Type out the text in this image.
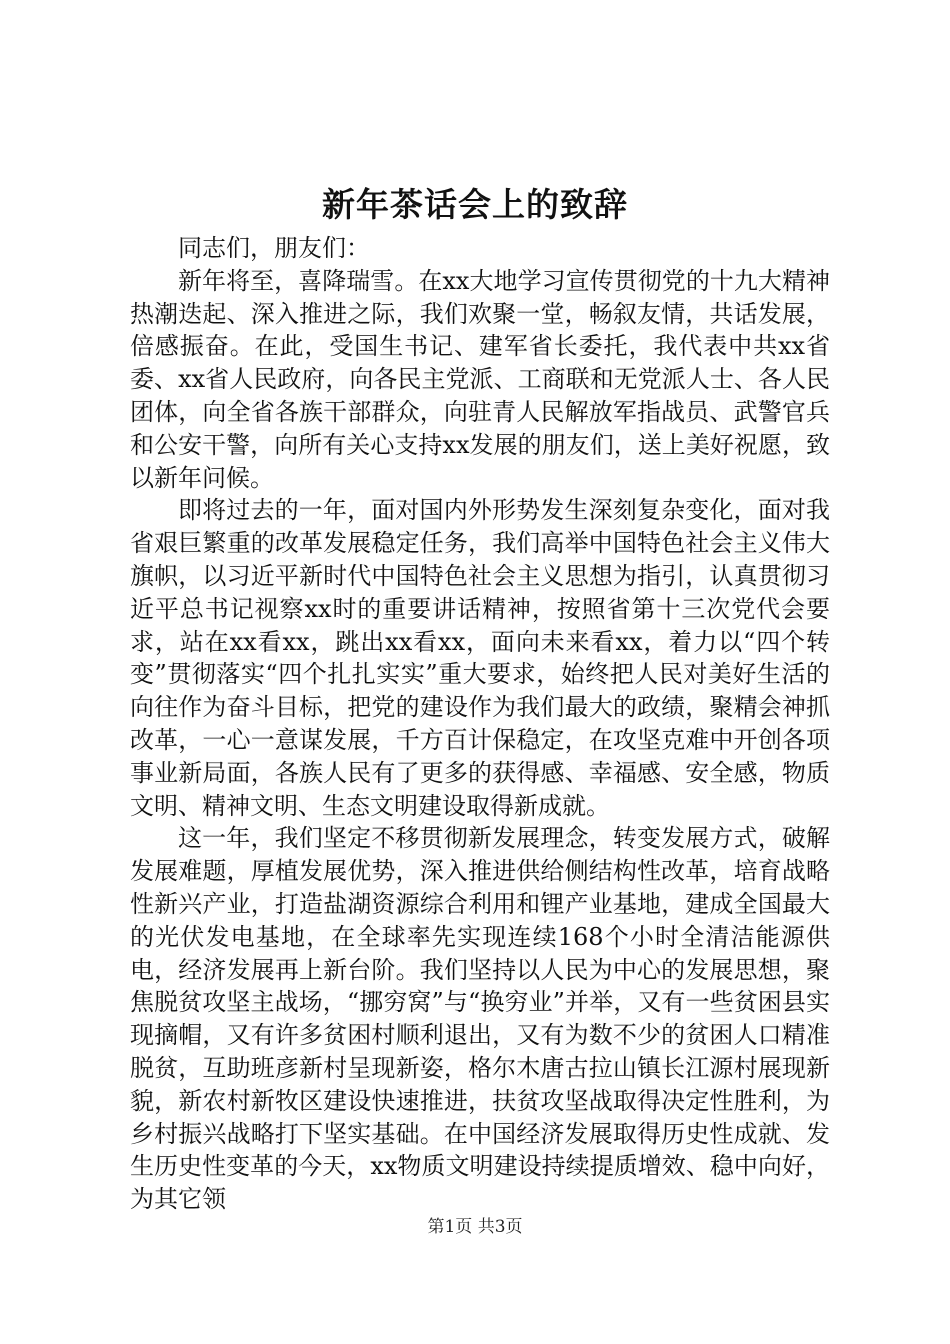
新年茶话会上的致辞

同志们，朋友们：

新年将至，喜降瑞雪。在xx大地学习宣传贯彻党的十九大精神热潮迭起、深入推进之际，我们欢聚一堂，畅叙友情，共话发展，倍感振奋。在此，受国生书记、建军省长委托，我代表中共xx省委、xx省人民政府，向各民主党派、工商联和无党派人士、各人民团体，向全省各族干部群众，向驻青人民解放军指战员、武警官兵和公安干警，向所有关心支持xx发展的朋友们，送上美好祝愿，致以新年问候。

即将过去的一年，面对国内外形势发生深刻复杂变化，面对我省艰巨繁重的改革发展稳定任务，我们高举中国特色社会主义伟大旗帜，以习近平新时代中国特色社会主义思想为指引，认真贯彻习近平总书记视察xx时的重要讲话精神，按照省第十三次党代会要求，站在xx看xx，跳出xx看xx，面向未来看xx，着力以“四个转变”贯彻落实“四个扎扎实实”重大要求，始终把人民对美好生活的向往作为奋斗目标，把党的建设作为我们最大的政绩，聚精会神抓改革，一心一意谋发展，千方百计保稳定，在攻坚克难中开创各项事业新局面，各族人民有了更多的获得感、幸福感、安全感，物质文明、精神文明、生态文明建设取得新成就。

这一年，我们坚定不移贯彻新发展理念，转变发展方式，破解发展难题，厚植发展优势，深入推进供给侧结构性改革，培育战略性新兴产业，打造盐湖资源综合利用和锂产业基地，建成全国最大的光伏发电基地，在全球率先实现连续168个小时全清洁能源供电，经济发展再上新台阶。我们坚持以人民为中心的发展思想，聚焦脱贫攻坚主战场，“挪穷窝”与“换穷业”并举，又有一些贫困县实现摘帽，又有许多贫困村顺利退出，又有为数不少的贫困人口精准脱贫，互助班彦新村呈现新姿，格尔木唐古拉山镇长江源村展现新貌，新农村新牧区建设快速推进，扶贫攻坚战取得决定性胜利，为乡村振兴战略打下坚实基础。在中国经济发展取得历史性成就、发生历史性变革的今天，xx物质文明建设持续提质增效、稳中向好，为其它领

第1页 共3页
